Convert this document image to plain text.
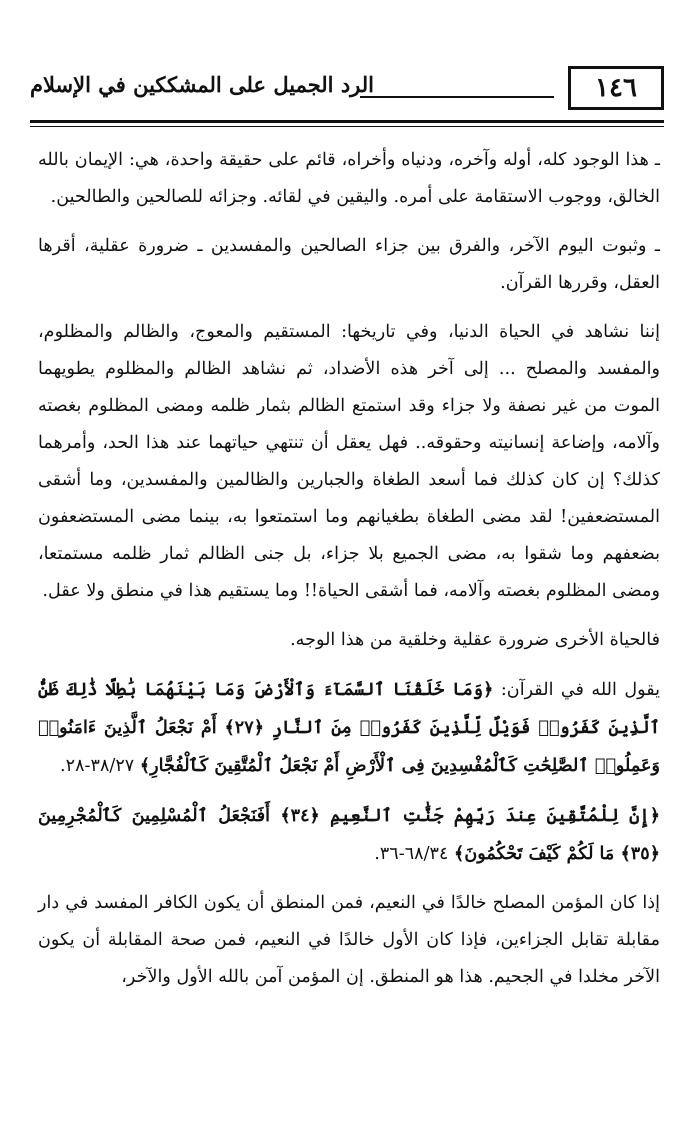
١٤٦
الرد الجميل على المشككين في الإسلام

ـ هذا الوجود كله، أوله وآخره، ودنياه وأخراه، قائم على حقيقة واحدة، هي: الإيمان بالله الخالق، ووجوب الاستقامة على أمره. واليقين في لقائه. وجزائه للصالحين والطالحين.

ـ وثبوت اليوم الآخر، والفرق بين جزاء الصالحين والمفسدين ـ ضرورة عقلية، أقرها العقل، وقررها القرآن.

إننا نشاهد في الحياة الدنيا، وفي تاريخها: المستقيم والمعوج، والظالم والمظلوم، والمفسد والمصلح ... إلى آخر هذه الأضداد، ثم نشاهد الظالم والمظلوم يطويهما الموت من غير نصفة ولا جزاء وقد استمتع الظالم بثمار ظلمه ومضى المظلوم بغصته وآلامه، وإضاعة إنسانيته وحقوقه.. فهل يعقل أن تنتهي حياتهما عند هذا الحد، وأمرهما كذلك؟ إن كان كذلك فما أسعد الطغاة والجبارين والظالمين والمفسدين، وما أشقى المستضعفين! لقد مضى الطغاة بطغيانهم وما استمتعوا به، بينما مضى المستضعفون بضعفهم وما شقوا به، مضى الجميع بلا جزاء، بل جنى الظالم ثمار ظلمه مستمتعا، ومضى المظلوم بغصته وآلامه، فما أشقى الحياة!! وما يستقيم هذا في منطق ولا عقل.

فالحياة الأخرى ضرورة عقلية وخلقية من هذا الوجه.

يقول الله في القرآن: ﴿وَمَا خَلَقْنَا ٱلسَّمَآءَ وَٱلْأَرْضَ وَمَا بَيْنَهُمَا بَٰطِلًا ذَٰلِكَ ظَنُّ ٱلَّذِينَ كَفَرُوا۟ فَوَيْلٌ لِّلَّذِينَ كَفَرُوا۟ مِنَ ٱلنَّارِ ﴿٢٧﴾ أَمْ نَجْعَلُ ٱلَّذِينَ ءَامَنُوا۟ وَعَمِلُوا۟ ٱلصَّٰلِحَٰتِ كَٱلْمُفْسِدِينَ فِى ٱلْأَرْضِ أَمْ نَجْعَلُ ٱلْمُتَّقِينَ كَٱلْفُجَّارِ﴾ ٣٨/٢٧-٢٨.

﴿إِنَّ لِلْمُتَّقِينَ عِندَ رَبِّهِمْ جَنَّٰتِ ٱلنَّعِيمِ ﴿٣٤﴾ أَفَنَجْعَلُ ٱلْمُسْلِمِينَ كَٱلْمُجْرِمِينَ ﴿٣٥﴾ مَا لَكُمْ كَيْفَ تَحْكُمُونَ﴾ ٦٨/٣٤-٣٦.

إذا كان المؤمن المصلح خالدًا في النعيم، فمن المنطق أن يكون الكافر المفسد في دار مقابلة تقابل الجزاءين، فإذا كان الأول خالدًا في النعيم، فمن صحة المقابلة أن يكون الآخر مخلدا في الجحيم. هذا هو المنطق. إن المؤمن آمن بالله الأول والآخر،
